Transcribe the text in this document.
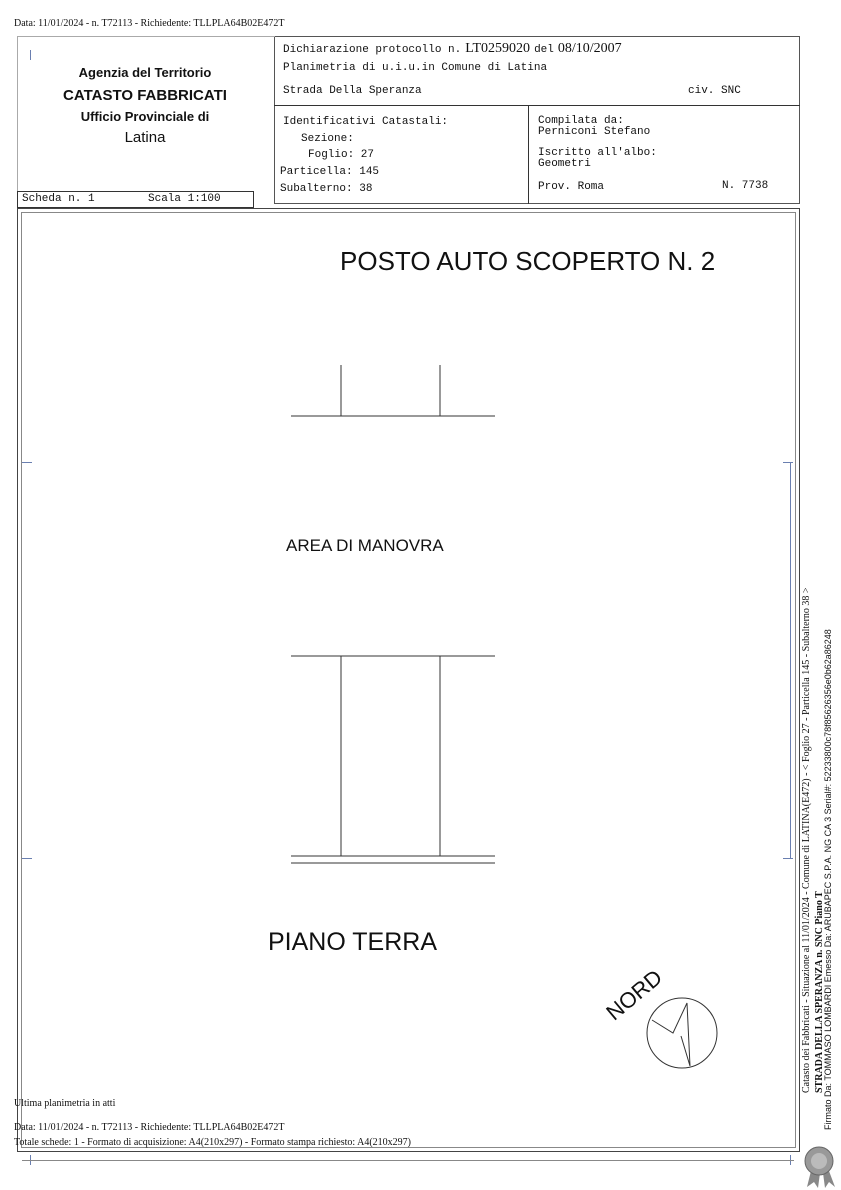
Data: 11/01/2024 - n. T72113 - Richiedente: TLLPLA64B02E472T
Agenzia del Territorio
CATASTO FABBRICATI
Ufficio Provinciale di
Latina
Dichiarazione protocollo n. LT0259020 del 08/10/2007
Planimetria di u.i.u.in Comune di Latina
Strada Della Speranza	civ. SNC
Identificativi Catastali:
Sezione:
Foglio: 27
Particella: 145
Subalterno: 38
Compilata da:
Perniconi Stefano
Iscritto all'albo:
Geometri
Prov. Roma	N. 7738
Scheda n. 1	Scala 1:100
POSTO AUTO SCOPERTO N. 2
AREA DI MANOVRA
PIANO TERRA
NORD	Catasto dei Fabbricati - Situazione al 11/01/2024 - Comune di LATINA(E472) - < Foglio 27 - Particella 145 - Subalterno 38 > STRADA DELLA SPERANZA n. SNC Piano T
Firmato Da: TOMMASO LOMBARDI Emesso Da: ARUBAPEC S.P.A. NG CA 3 Serial#: 52233800c78f85626356e0b62a86248
Ultima planimetria in atti
Data: 11/01/2024 - n. T72113 - Richiedente: TLLPLA64B02E472T
Totale schede: 1 - Formato di acquisizione: A4(210x297) - Formato stampa richiesto: A4(210x297)
